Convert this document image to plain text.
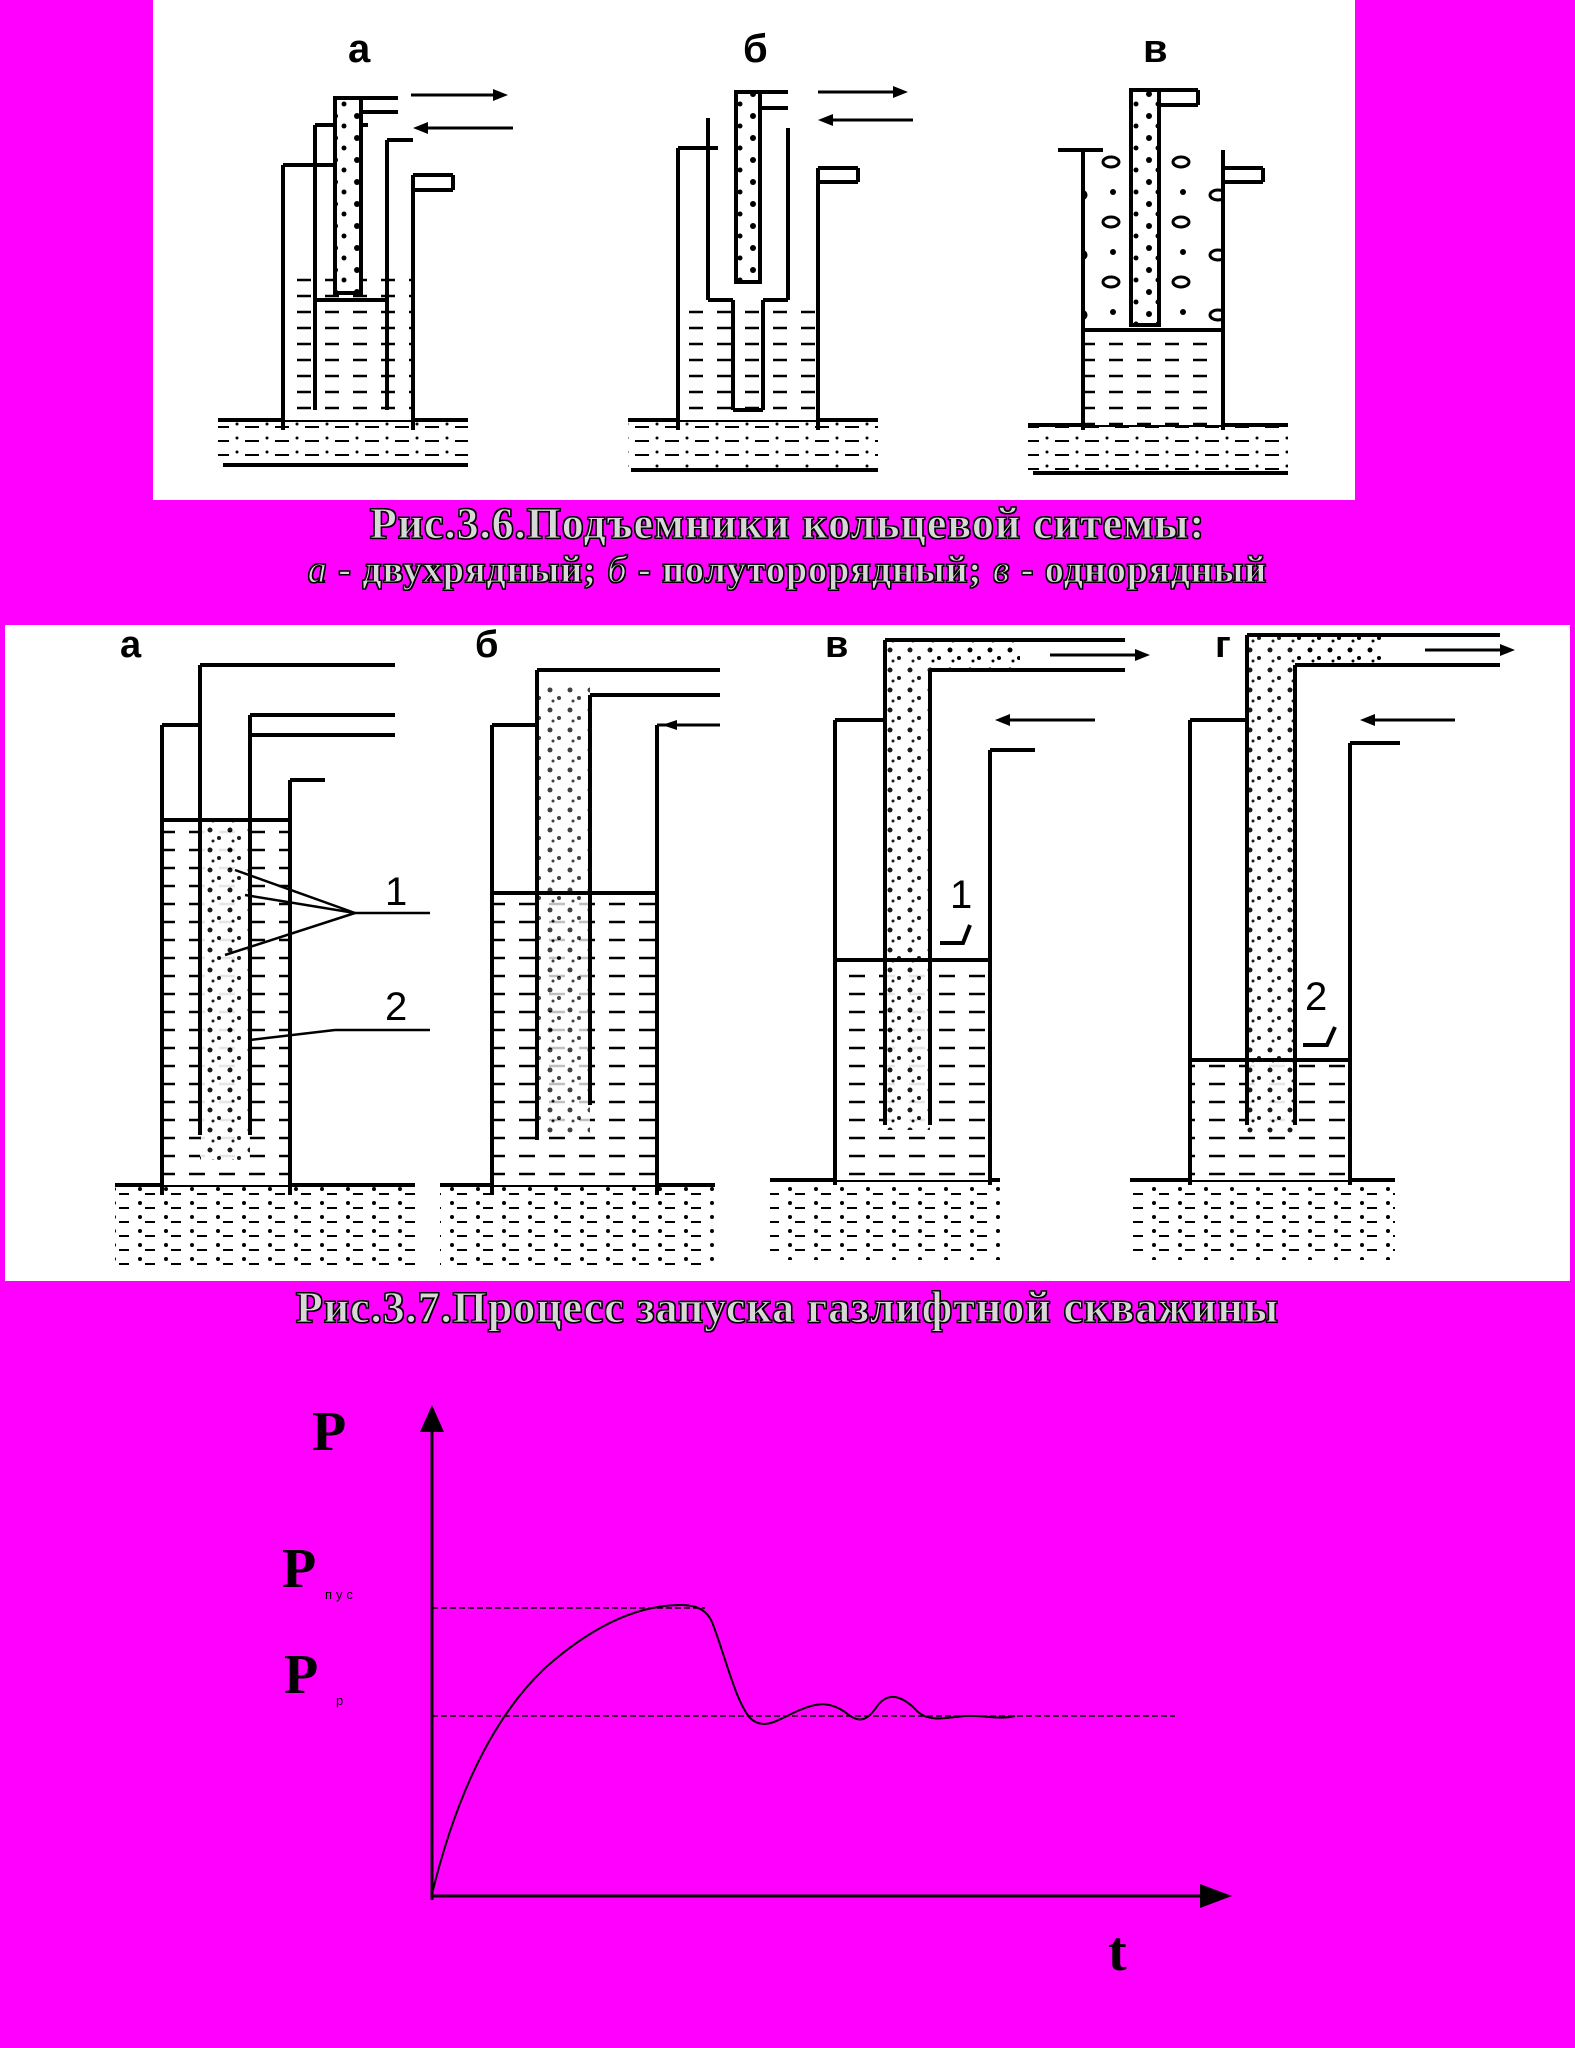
а	б	в
Рис.3.6.Подъемники кольцевой ситемы:
а - двухрядный; б - полуторорядный; в - однорядный
а	б	в	г
1
2
1
2
Рис.3.7.Процесс запуска газлифтной скважины
P
P пус
P р
t
